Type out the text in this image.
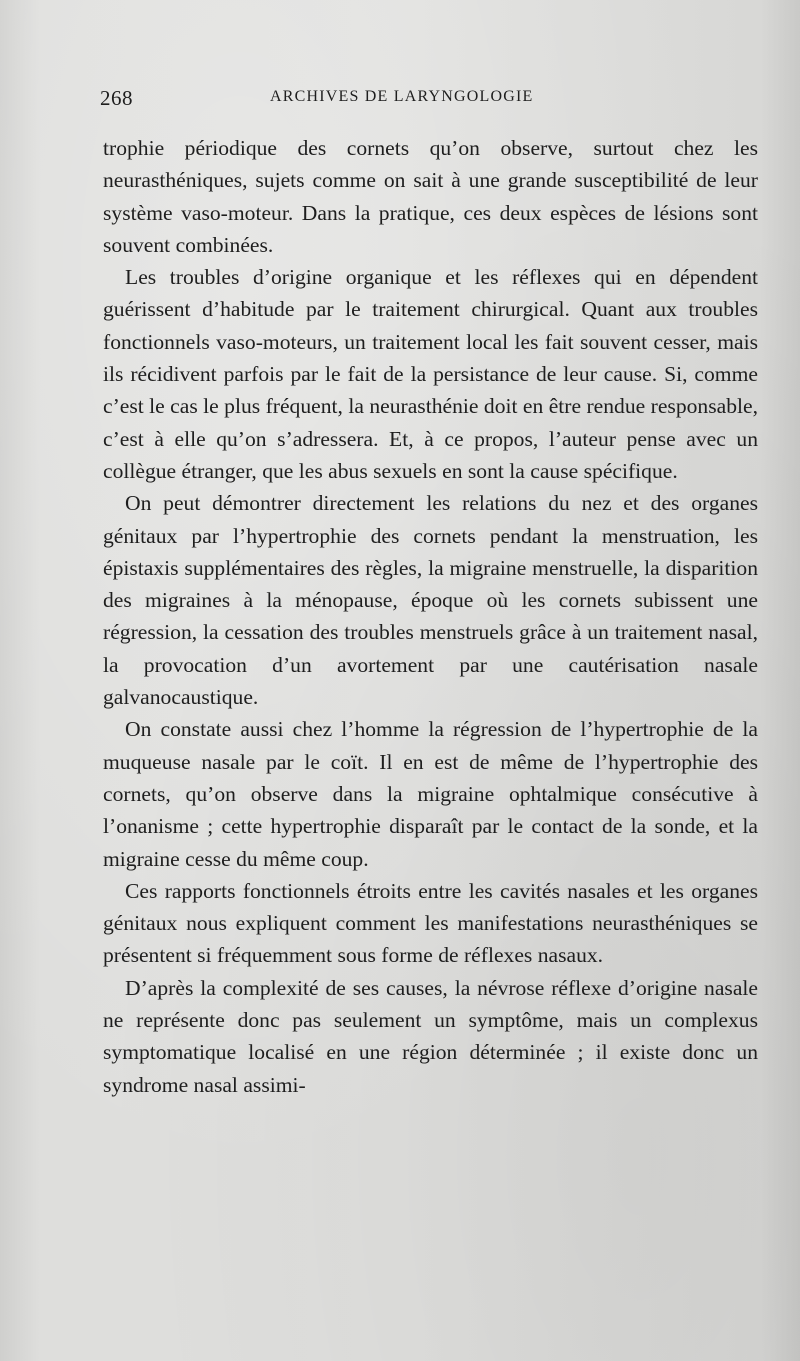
268	ARCHIVES DE LARYNGOLOGIE

trophie périodique des cornets qu’on observe, surtout chez les neurasthéniques, sujets comme on sait à une grande susceptibilité de leur système vaso-moteur. Dans la pratique, ces deux espèces de lésions sont souvent combinées.

Les troubles d’origine organique et les réflexes qui en dépendent guérissent d’habitude par le traitement chirurgical. Quant aux troubles fonctionnels vaso-moteurs, un traitement local les fait souvent cesser, mais ils récidivent parfois par le fait de la persistance de leur cause. Si, comme c’est le cas le plus fréquent, la neurasthénie doit en être rendue responsable, c’est à elle qu’on s’adressera. Et, à ce propos, l’auteur pense avec un collègue étranger, que les abus sexuels en sont la cause spécifique.

On peut démontrer directement les relations du nez et des organes génitaux par l’hypertrophie des cornets pendant la menstruation, les épistaxis supplémentaires des règles, la migraine menstruelle, la disparition des migraines à la ménopause, époque où les cornets subissent une régression, la cessation des troubles menstruels grâce à un traitement nasal, la provocation d’un avortement par une cautérisation nasale galvanocaustique.

On constate aussi chez l’homme la régression de l’hypertrophie de la muqueuse nasale par le coït. Il en est de même de l’hypertrophie des cornets, qu’on observe dans la migraine ophtalmique consécutive à l’onanisme ; cette hypertrophie disparaît par le contact de la sonde, et la migraine cesse du même coup.

Ces rapports fonctionnels étroits entre les cavités nasales et les organes génitaux nous expliquent comment les manifestations neurasthéniques se présentent si fréquemment sous forme de réflexes nasaux.

D’après la complexité de ses causes, la névrose réflexe d’origine nasale ne représente donc pas seulement un symptôme, mais un complexus symptomatique localisé en une région déterminée ; il existe donc un syndrome nasal assimi-
